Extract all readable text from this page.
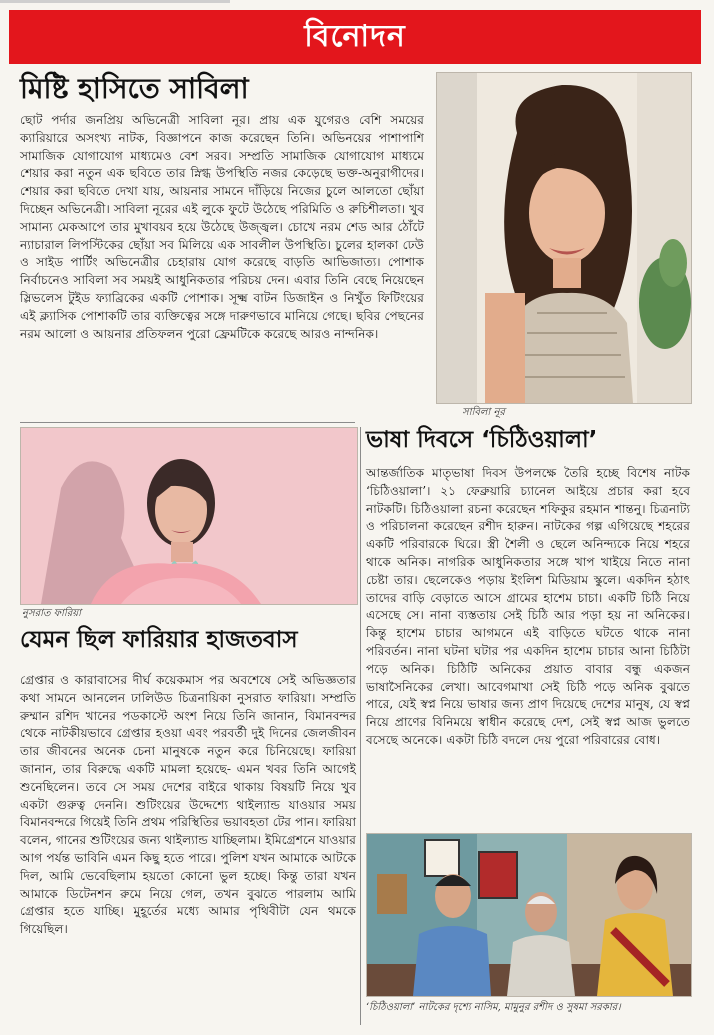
বিনোদন
মিষ্টি হাসিতে সাবিলা

ছোট পর্দার জনপ্রিয় অভিনেত্রী সাবিলা নূর। প্রায় এক যুগেরও বেশি সময়ের ক্যারিয়ারে অসংখ্য নাটক, বিজ্ঞাপনে কাজ করেছেন তিনি। অভিনয়ের পাশাপাশি সামাজিক যোগাযোগ মাধ্যমেও বেশ সরব। সম্প্রতি সামাজিক যোগাযোগ মাধ্যমে শেয়ার করা নতুন এক ছবিতে তার স্নিগ্ধ উপস্থিতি নজর কেড়েছে ভক্ত-অনুরাগীদের। শেয়ার করা ছবিতে দেখা যায়, আয়নার সামনে দাঁড়িয়ে নিজের চুলে আলতো ছোঁয়া দিচ্ছেন অভিনেত্রী। সাবিলা নূরের এই লুকে ফুটে উঠেছে পরিমিতি ও রুচিশীলতা। খুব সামান্য মেকআপে তার মুখাবয়ব হয়ে উঠেছে উজ্জ্বল। চোখে নরম শেড আর ঠোঁটে ন্যাচারাল লিপস্টিকের ছোঁয়া সব মিলিয়ে এক সাবলীল উপস্থিতি। চুলের হালকা ঢেউ ও সাইড পার্টিং অভিনেত্রীর চেহারায় যোগ করেছে বাড়তি আভিজাত্য। পোশাক নির্বাচনেও সাবিলা সব সময়ই আধুনিকতার পরিচয় দেন। এবার তিনি বেছে নিয়েছেন স্লিভলেস টুইড ফ্যাব্রিকের একটি পোশাক। সূক্ষ্ম বাটন ডিজাইন ও নিখুঁত ফিটিংয়ের এই ক্ল্যাসিক পোশাকটি তার ব্যক্তিত্বের সঙ্গে দারুণভাবে মানিয়ে গেছে। ছবির পেছনের নরম আলো ও আয়নার প্রতিফলন পুরো ফ্রেমটিকে করেছে আরও নান্দনিক।

সাবিলা নূর

নুসরাত ফারিয়া

যেমন ছিল ফারিয়ার হাজতবাস

গ্রেপ্তার ও কারাবাসের দীর্ঘ কয়েকমাস পর অবশেষে সেই অভিজ্ঞতার কথা সামনে আনলেন ঢালিউড চিত্রনায়িকা নুসরাত ফারিয়া। সম্প্রতি রুম্মান রশিদ খানের পডকাস্টে অংশ নিয়ে তিনি জানান, বিমানবন্দর থেকে নাটকীয়ভাবে গ্রেপ্তার হওয়া এবং পরবর্তী দুই দিনের জেলজীবন তার জীবনের অনেক চেনা মানুষকে নতুন করে চিনিয়েছে। ফারিয়া জানান, তার বিরুদ্ধে একটি মামলা হয়েছে- এমন খবর তিনি আগেই শুনেছিলেন। তবে সে সময় দেশের বাইরে থাকায় বিষয়টি নিয়ে খুব একটা গুরুত্ব দেননি। শুটিংয়ের উদ্দেশ্যে থাইল্যান্ড যাওয়ার সময় বিমানবন্দরে গিয়েই তিনি প্রথম পরিস্থিতির ভয়াবহতা টের পান। ফারিয়া বলেন, গানের শুটিংয়ের জন্য থাইল্যান্ড যাচ্ছিলাম। ইমিগ্রেশনে যাওয়ার আগ পর্যন্ত ভাবিনি এমন কিছু হতে পারে। পুলিশ যখন আমাকে আটকে দিল, আমি ভেবেছিলাম হয়তো কোনো ভুল হচ্ছে। কিন্তু তারা যখন আমাকে ডিটেনশন রুমে নিয়ে গেল, তখন বুঝতে পারলাম আমি গ্রেপ্তার হতে যাচ্ছি। মুহূর্তের মধ্যে আমার পৃথিবীটা যেন থমকে গিয়েছিল।

ভাষা দিবসে ‘চিঠিওয়ালা’

আন্তর্জাতিক মাতৃভাষা দিবস উপলক্ষে তৈরি হচ্ছে বিশেষ নাটক ‘চিঠিওয়ালা’। ২১ ফেব্রুয়ারি চ্যানেল আইয়ে প্রচার করা হবে নাটকটি। চিঠিওয়ালা রচনা করেছেন শফিকুর রহমান শান্তনু। চিত্রনাট্য ও পরিচালনা করেছেন রশীদ হারুন। নাটকের গল্প এগিয়েছে শহরের একটি পরিবারকে ঘিরে। স্ত্রী শৈলী ও ছেলে অনিন্দ্যকে নিয়ে শহরে থাকে অনিক। নাগরিক আধুনিকতার সঙ্গে খাপ খাইয়ে নিতে নানা চেষ্টা তার। ছেলেকেও পড়ায় ইংলিশ মিডিয়াম স্কুলে। একদিন হঠাৎ তাদের বাড়ি বেড়াতে আসে গ্রামের হাশেম চাচা। একটি চিঠি নিয়ে এসেছে সে। নানা ব্যস্ততায় সেই চিঠি আর পড়া হয় না অনিকের। কিন্তু হাশেম চাচার আগমনে এই বাড়িতে ঘটতে থাকে নানা পরিবর্তন। নানা ঘটনা ঘটার পর একদিন হাশেম চাচার আনা চিঠিটা পড়ে অনিক। চিঠিটি অনিকের প্রয়াত বাবার বন্ধু একজন ভাষাসৈনিকের লেখা। আবেগমাখা সেই চিঠি পড়ে অনিক বুঝতে পারে, যেই স্বপ্ন নিয়ে ভাষার জন্য প্রাণ দিয়েছে দেশের মানুষ, যে স্বপ্ন নিয়ে প্রাণের বিনিময়ে স্বাধীন করেছে দেশ, সেই স্বপ্ন আজ ভুলতে বসেছে অনেকে। একটা চিঠি বদলে দেয় পুরো পরিবারের বোধ।

‘চিঠিওয়ালা’ নাটকের দৃশ্যে নাসিম, মামুনুর রশীদ ও সুষমা সরকার।
